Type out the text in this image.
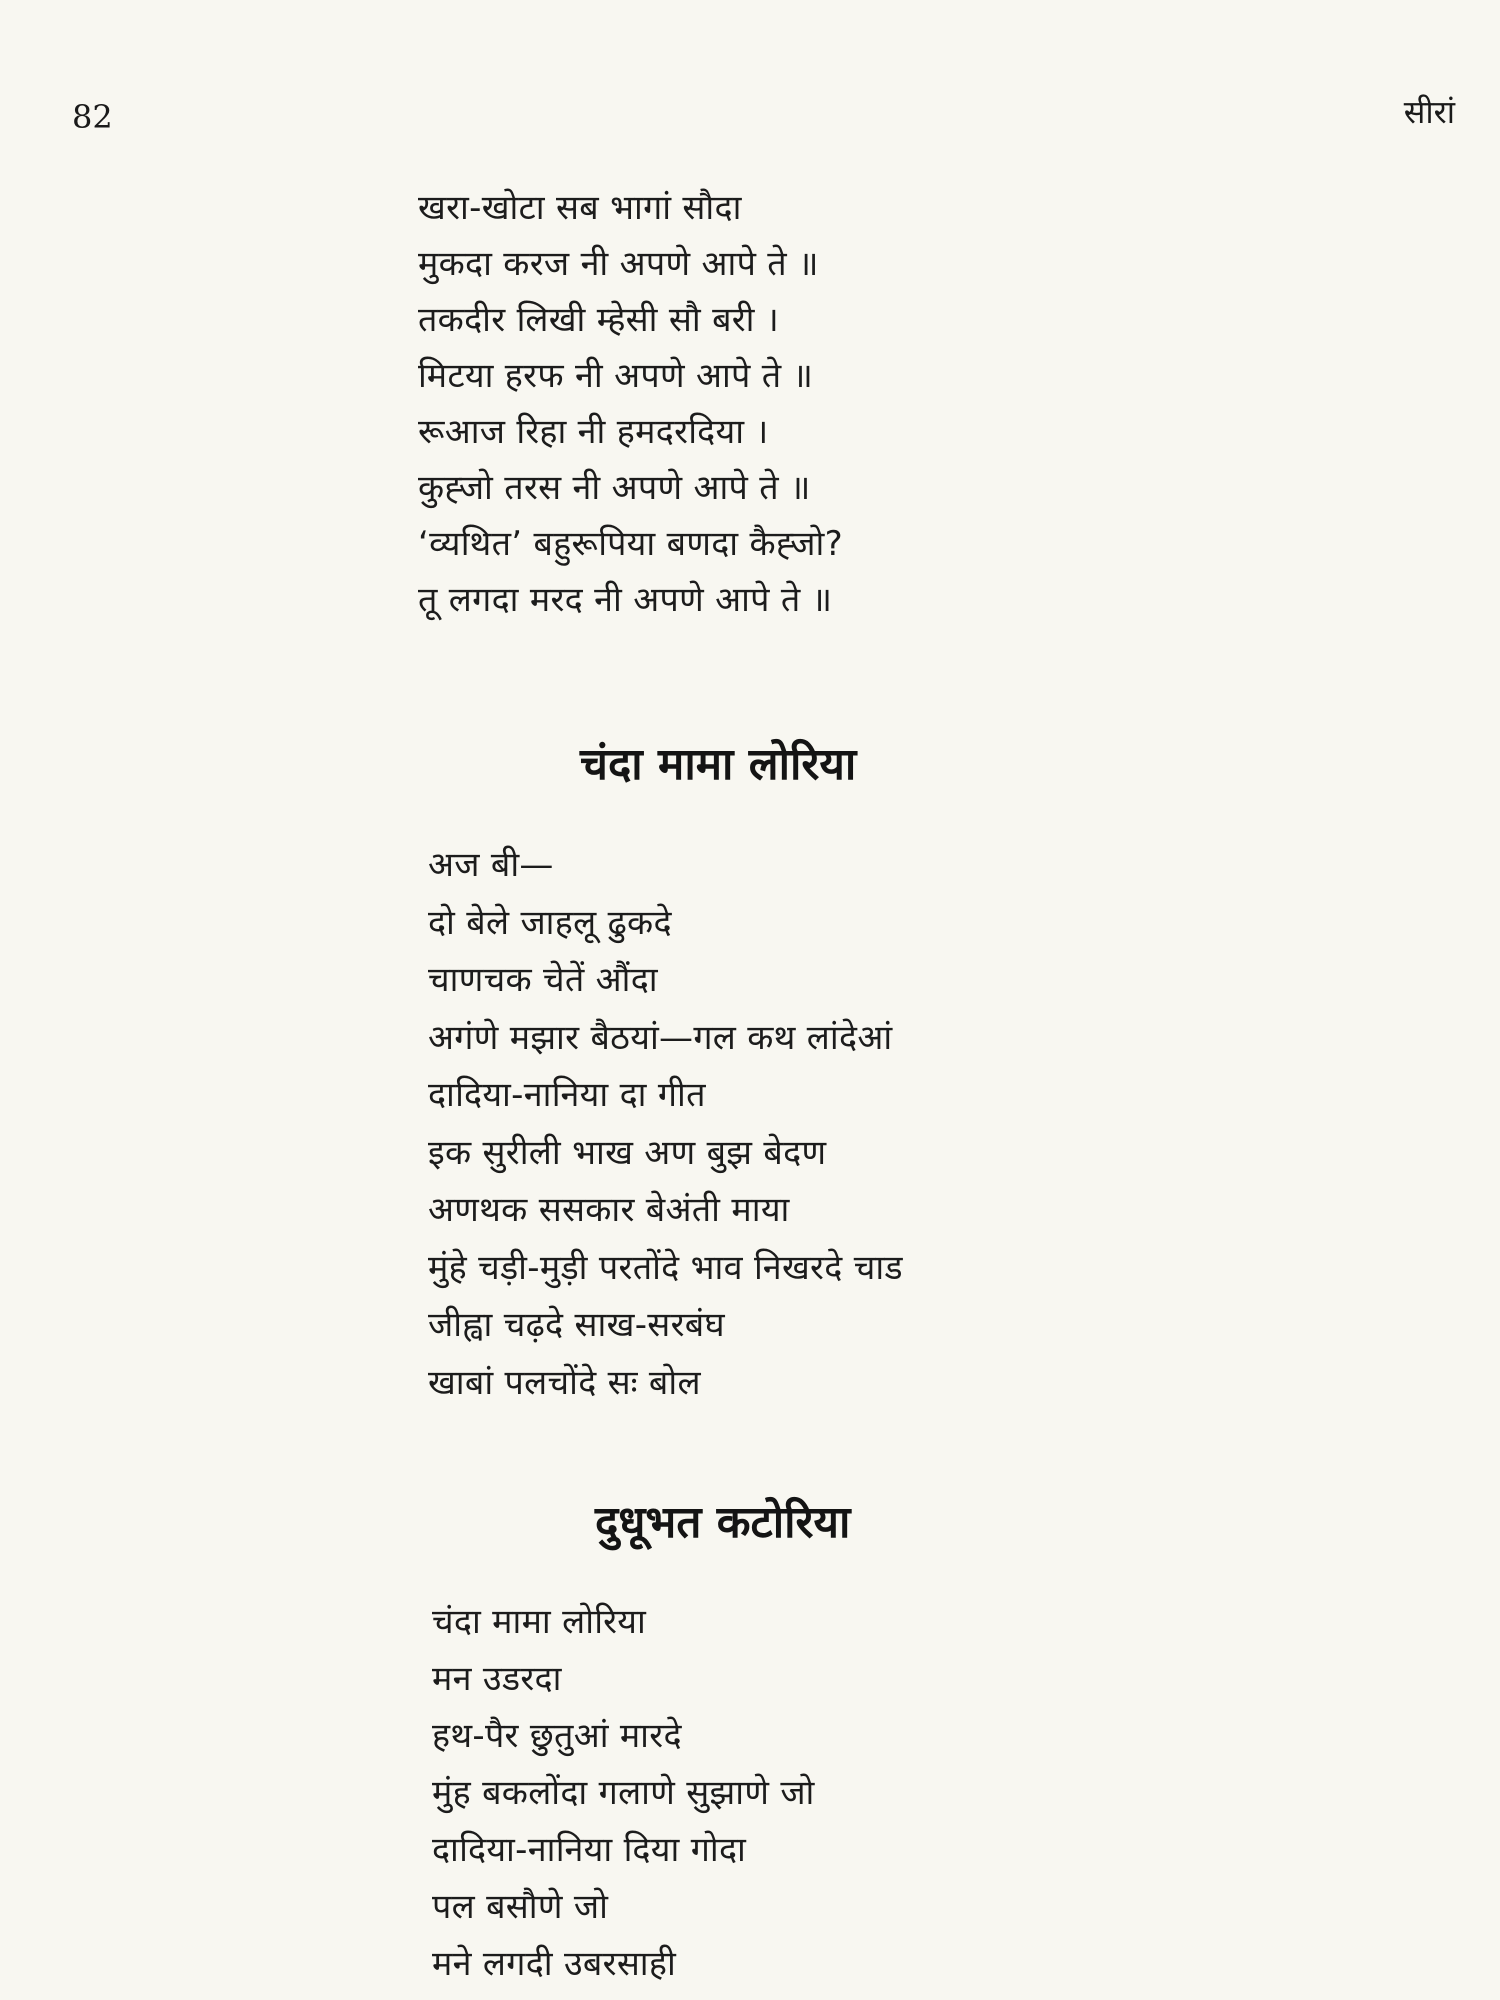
82	सीरां
खरा-खोटा सब भागां सौदा
मुकदा करज नी अपणे आपे ते ॥
तकदीर लिखी म्हेसी सौ बरी ।
मिटया हरफ नी अपणे आपे ते ॥
रूआज रिहा नी हमदरदिया ।
कुह्जो तरस नी अपणे आपे ते ॥
‘व्यथित’ बहुरूपिया बणदा कैह्जो?
तू लगदा मरद नी अपणे आपे ते ॥
चंदा मामा लोरिया
अज बी—
दो बेले जाहलू ढुकदे
चाणचक चेतें औंदा
अगंणे मझार बैठयां—गल कथ लांदेआं
दादिया-नानिया दा गीत
इक सुरीली भाख अण बुझ बेदण
अणथक ससकार बेअंती माया
मुंहे चड़ी-मुड़ी परतोंदे भाव निखरदे चाड
जीह्वा चढ़दे साख-सरबंघ
खाबां पलचोंदे सः बोल
दुधूभत कटोरिया
चंदा मामा लोरिया
मन उडरदा
हथ-पैर छुतुआं मारदे
मुंह बकलोंदा गलाणे सुझाणे जो
दादिया-नानिया दिया गोदा
पल बसौणे जो
मने लगदी उबरसाही
